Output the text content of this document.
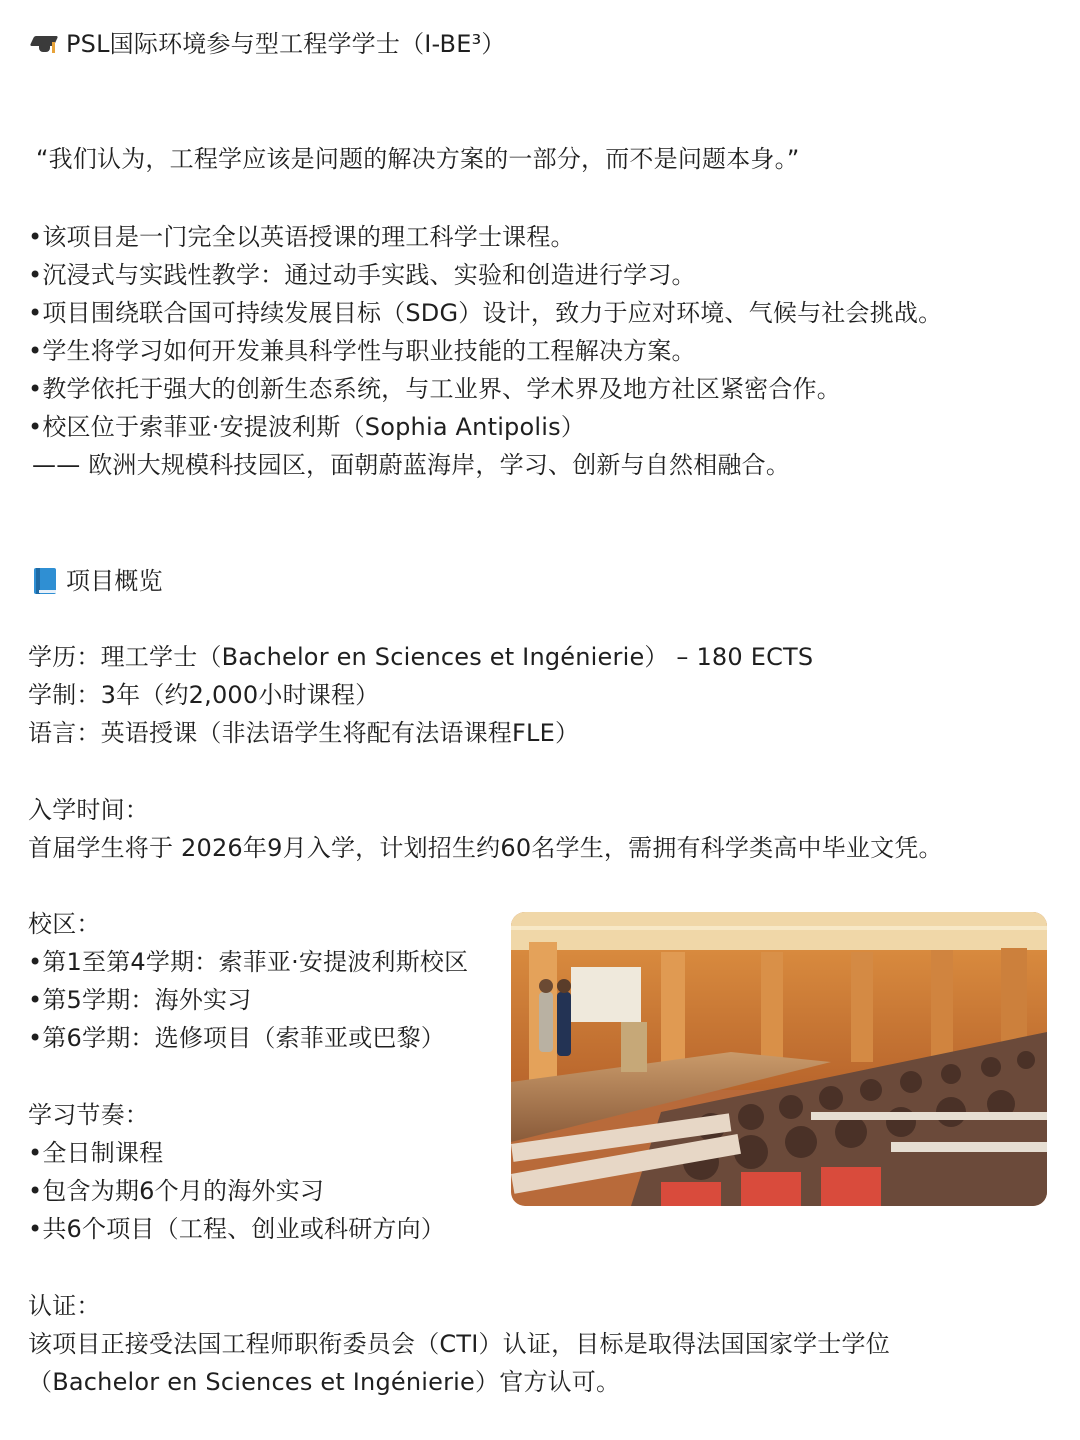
PSL国际环境参与型工程学学士（I-BE³）
“我们认为，工程学应该是问题的解决方案的一部分，而不是问题本身。”
•该项目是一门完全以英语授课的理工科学士课程。
•沉浸式与实践性教学：通过动手实践、实验和创造进行学习。
•项目围绕联合国可持续发展目标（SDG）设计，致力于应对环境、气候与社会挑战。
•学生将学习如何开发兼具科学性与职业技能的工程解决方案。
•教学依托于强大的创新生态系统，与工业界、学术界及地方社区紧密合作。
•校区位于索菲亚·安提波利斯（Sophia Antipolis）
—— 欧洲大规模科技园区，面朝蔚蓝海岸，学习、创新与自然相融合。
项目概览
学历：理工学士（Bachelor en Sciences et Ingénierie） – 180 ECTS
学制：3年（约2,000小时课程）
语言：英语授课（非法语学生将配有法语课程FLE）
入学时间：
首届学生将于 2026年9月入学，计划招生约60名学生，需拥有科学类高中毕业文凭。
校区：
•第1至第4学期：索菲亚·安提波利斯校区
•第5学期：海外实习
•第6学期：选修项目（索菲亚或巴黎）
学习节奏：
•全日制课程
•包含为期6个月的海外实习
•共6个项目（工程、创业或科研方向）
认证：
该项目正接受法国工程师职衔委员会（CTI）认证，目标是取得法国国家学士学位
（Bachelor en Sciences et Ingénierie）官方认可。
